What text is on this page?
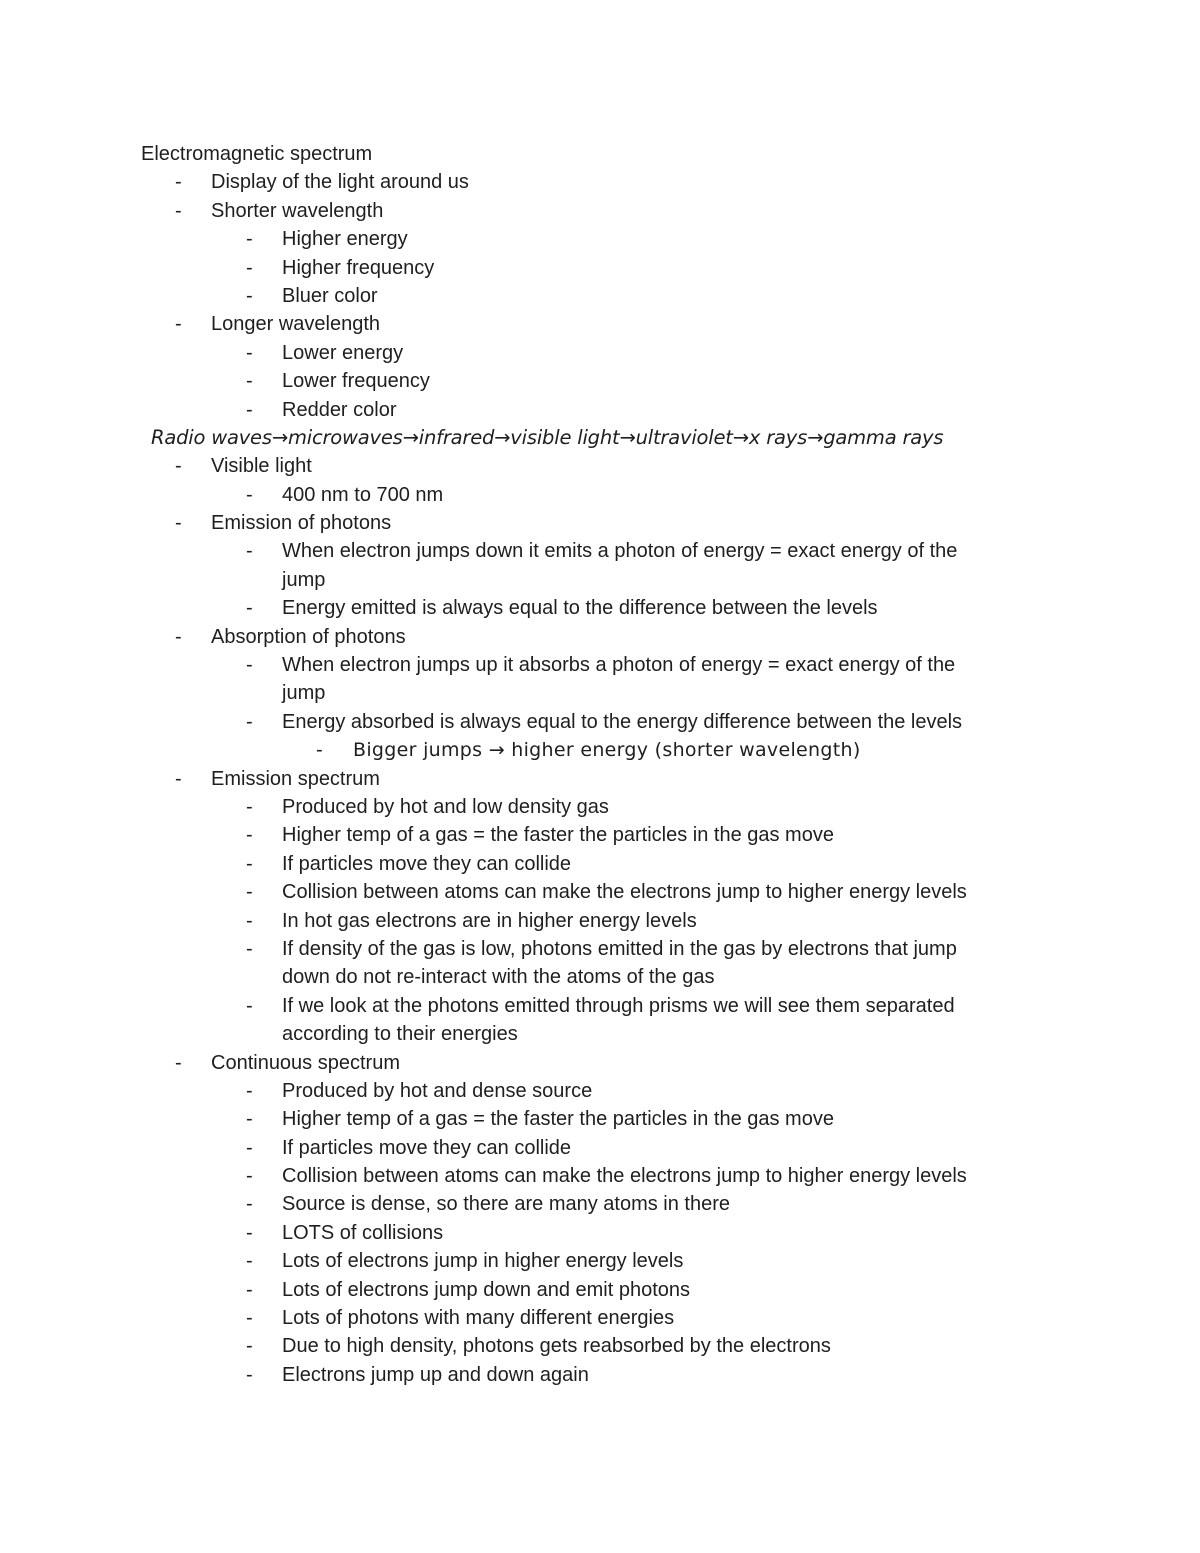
Electromagnetic spectrum
- Display of the light around us
- Shorter wavelength
- Higher energy
- Higher frequency
- Bluer color
- Longer wavelength
- Lower energy
- Lower frequency
- Redder color
Radio waves→microwaves→infrared→visible light→ultraviolet→x rays→gamma rays
- Visible light
- 400 nm to 700 nm
- Emission of photons
- When electron jumps down it emits a photon of energy = exact energy of the
jump
- Energy emitted is always equal to the difference between the levels
- Absorption of photons
- When electron jumps up it absorbs a photon of energy = exact energy of the
jump
- Energy absorbed is always equal to the energy difference between the levels
- Bigger jumps → higher energy (shorter wavelength)
- Emission spectrum
- Produced by hot and low density gas
- Higher temp of a gas = the faster the particles in the gas move
- If particles move they can collide
- Collision between atoms can make the electrons jump to higher energy levels
- In hot gas electrons are in higher energy levels
- If density of the gas is low, photons emitted in the gas by electrons that jump
down do not re-interact with the atoms of the gas
- If we look at the photons emitted through prisms we will see them separated
according to their energies
- Continuous spectrum
- Produced by hot and dense source
- Higher temp of a gas = the faster the particles in the gas move
- If particles move they can collide
- Collision between atoms can make the electrons jump to higher energy levels
- Source is dense, so there are many atoms in there
- LOTS of collisions
- Lots of electrons jump in higher energy levels
- Lots of electrons jump down and emit photons
- Lots of photons with many different energies
- Due to high density, photons gets reabsorbed by the electrons
- Electrons jump up and down again
